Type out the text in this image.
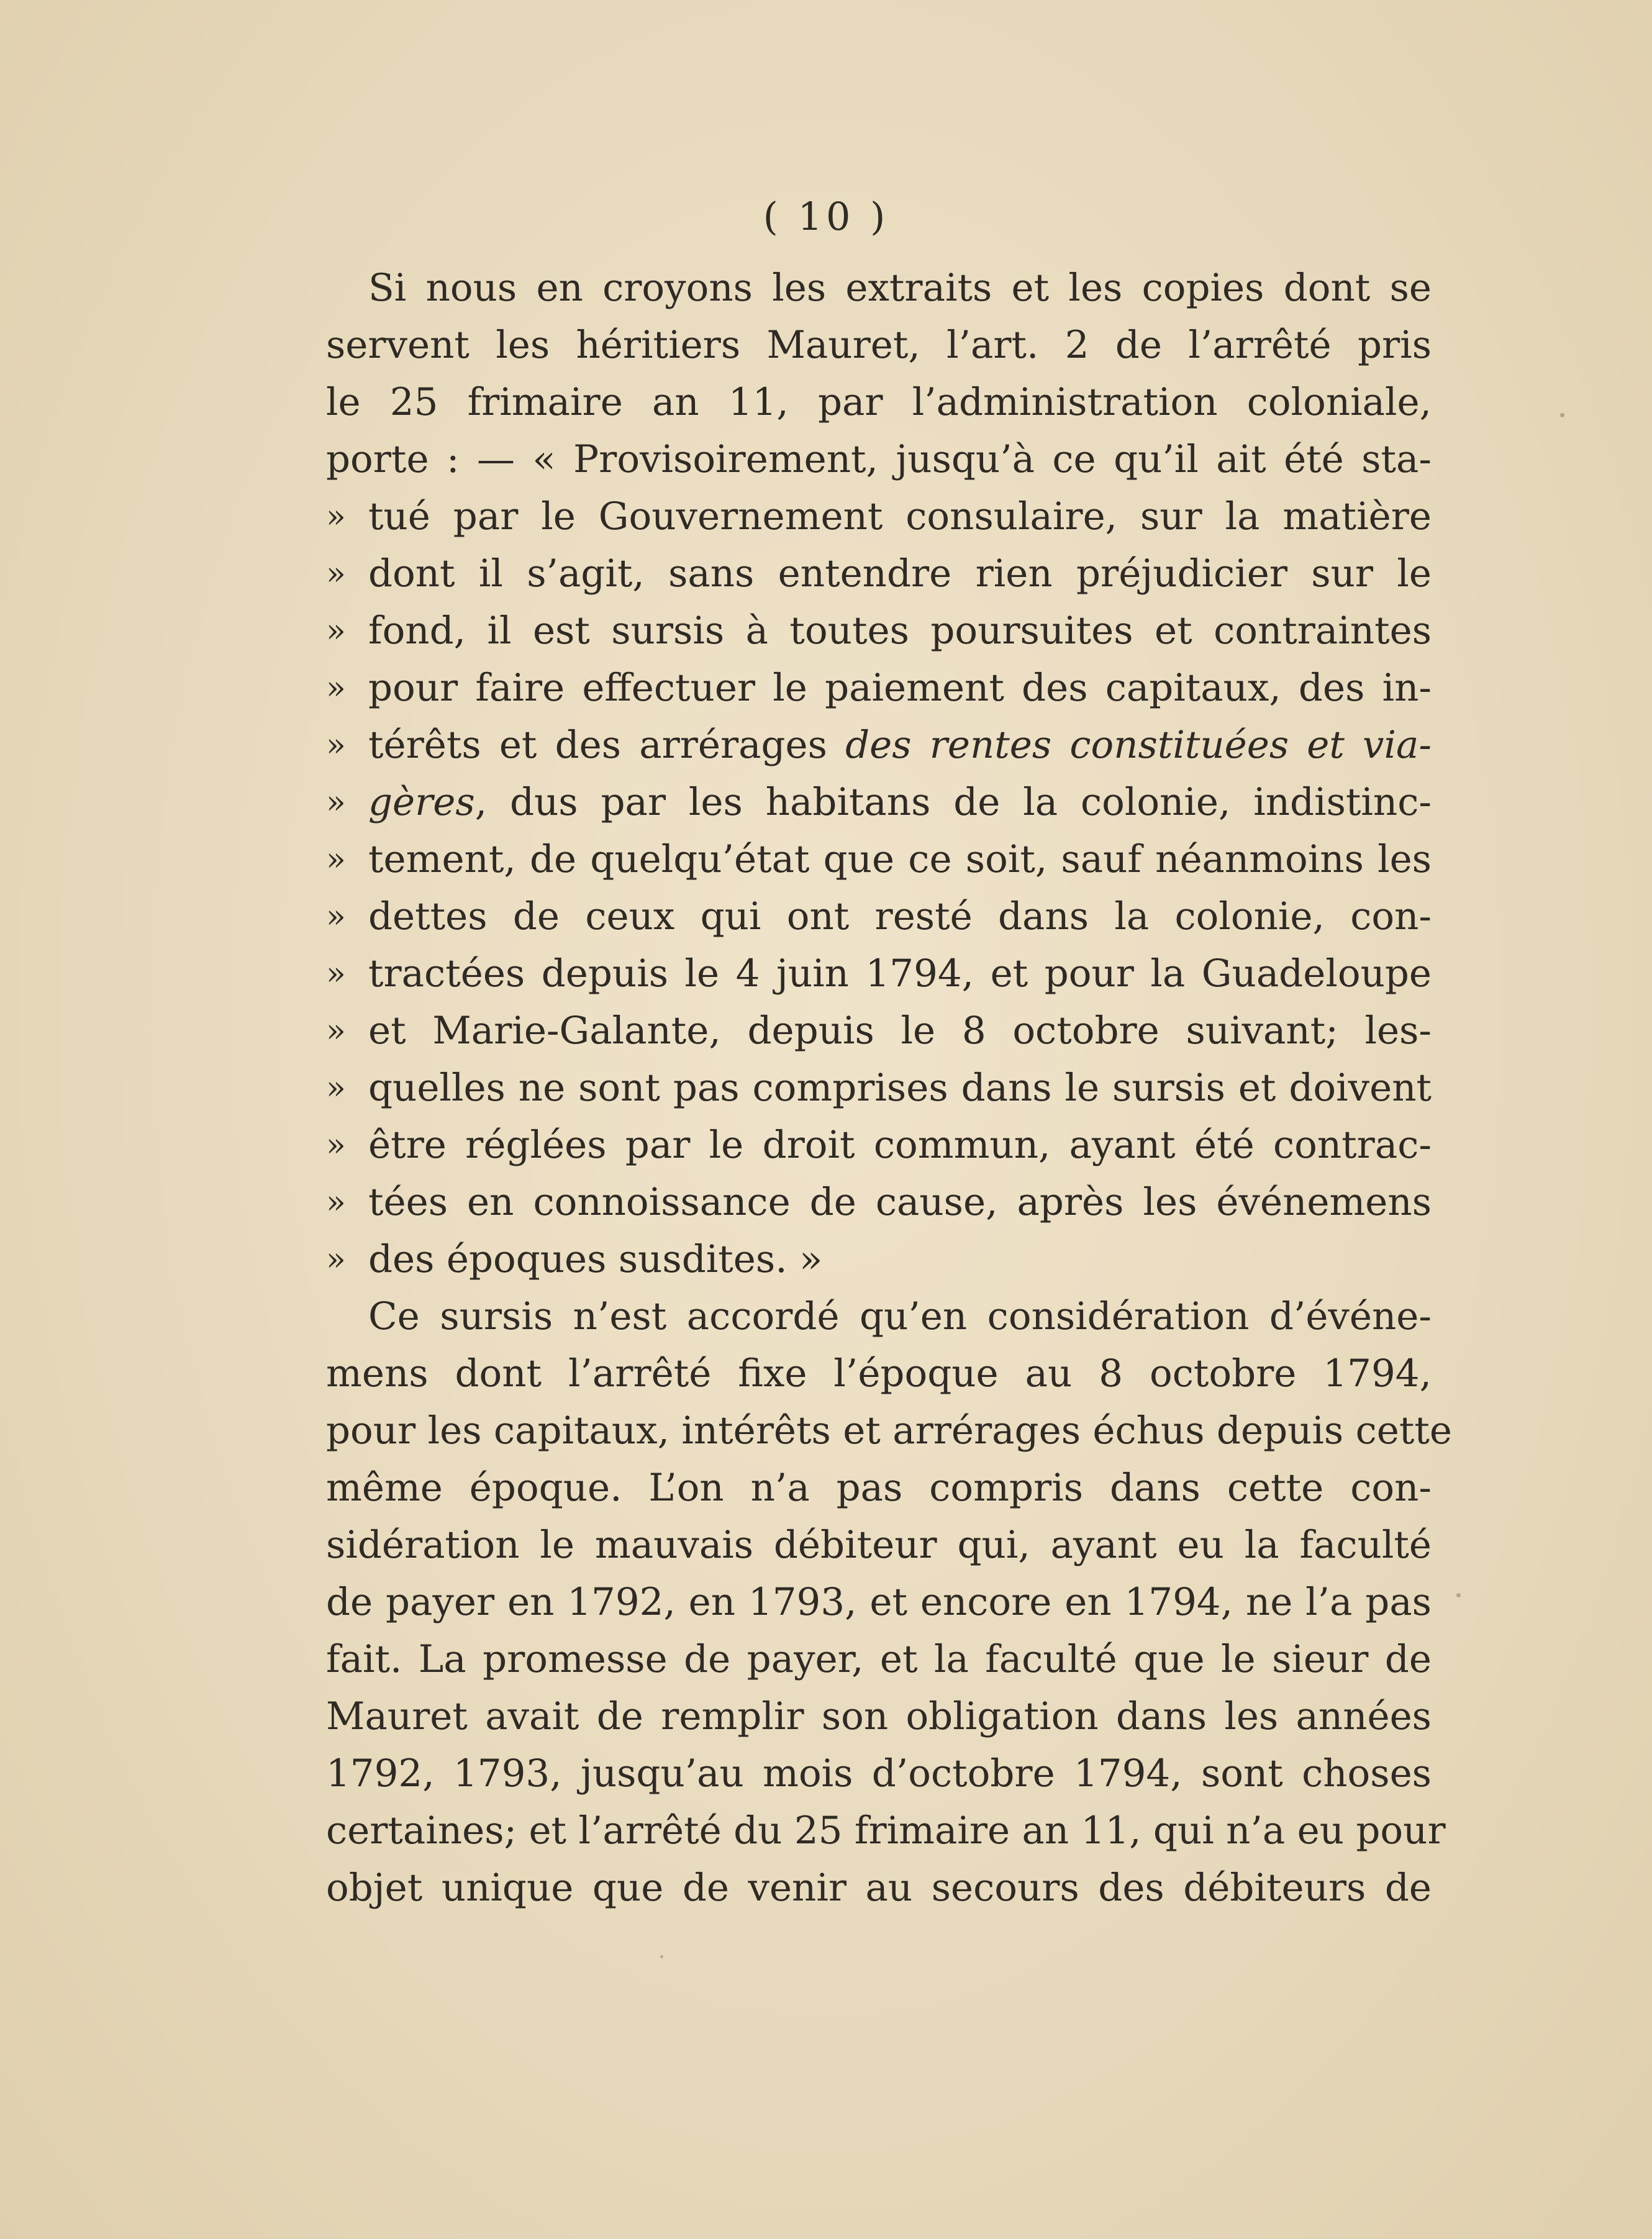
( 10 )
Si nous en croyons les extraits et les copies dont se
servent les héritiers Mauret, l’art. 2 de l’arrêté pris
le 25 frimaire an 11, par l’administration coloniale,
porte : — « Provisoirement, jusqu’à ce qu’il ait été sta-
» tué par le Gouvernement consulaire, sur la matière
» dont il s’agit, sans entendre rien préjudicier sur le
» fond, il est sursis à toutes poursuites et contraintes
» pour faire effectuer le paiement des capitaux, des in-
» térêts et des arrérages des rentes constituées et via-
» gères, dus par les habitans de la colonie, indistinc-
» tement, de quelqu’état que ce soit, sauf néanmoins les
» dettes de ceux qui ont resté dans la colonie, con-
» tractées depuis le 4 juin 1794, et pour la Guadeloupe
» et Marie-Galante, depuis le 8 octobre suivant; les-
» quelles ne sont pas comprises dans le sursis et doivent
» être réglées par le droit commun, ayant été contrac-
» tées en connoissance de cause, après les événemens
» des époques susdites. »
Ce sursis n’est accordé qu’en considération d’événe-
mens dont l’arrêté fixe l’époque au 8 octobre 1794,
pour les capitaux, intérêts et arrérages échus depuis cette
même époque. L’on n’a pas compris dans cette con-
sidération le mauvais débiteur qui, ayant eu la faculté
de payer en 1792, en 1793, et encore en 1794, ne l’a pas
fait. La promesse de payer, et la faculté que le sieur de
Mauret avait de remplir son obligation dans les années
1792, 1793, jusqu’au mois d’octobre 1794, sont choses
certaines; et l’arrêté du 25 frimaire an 11, qui n’a eu pour
objet unique que de venir au secours des débiteurs de
